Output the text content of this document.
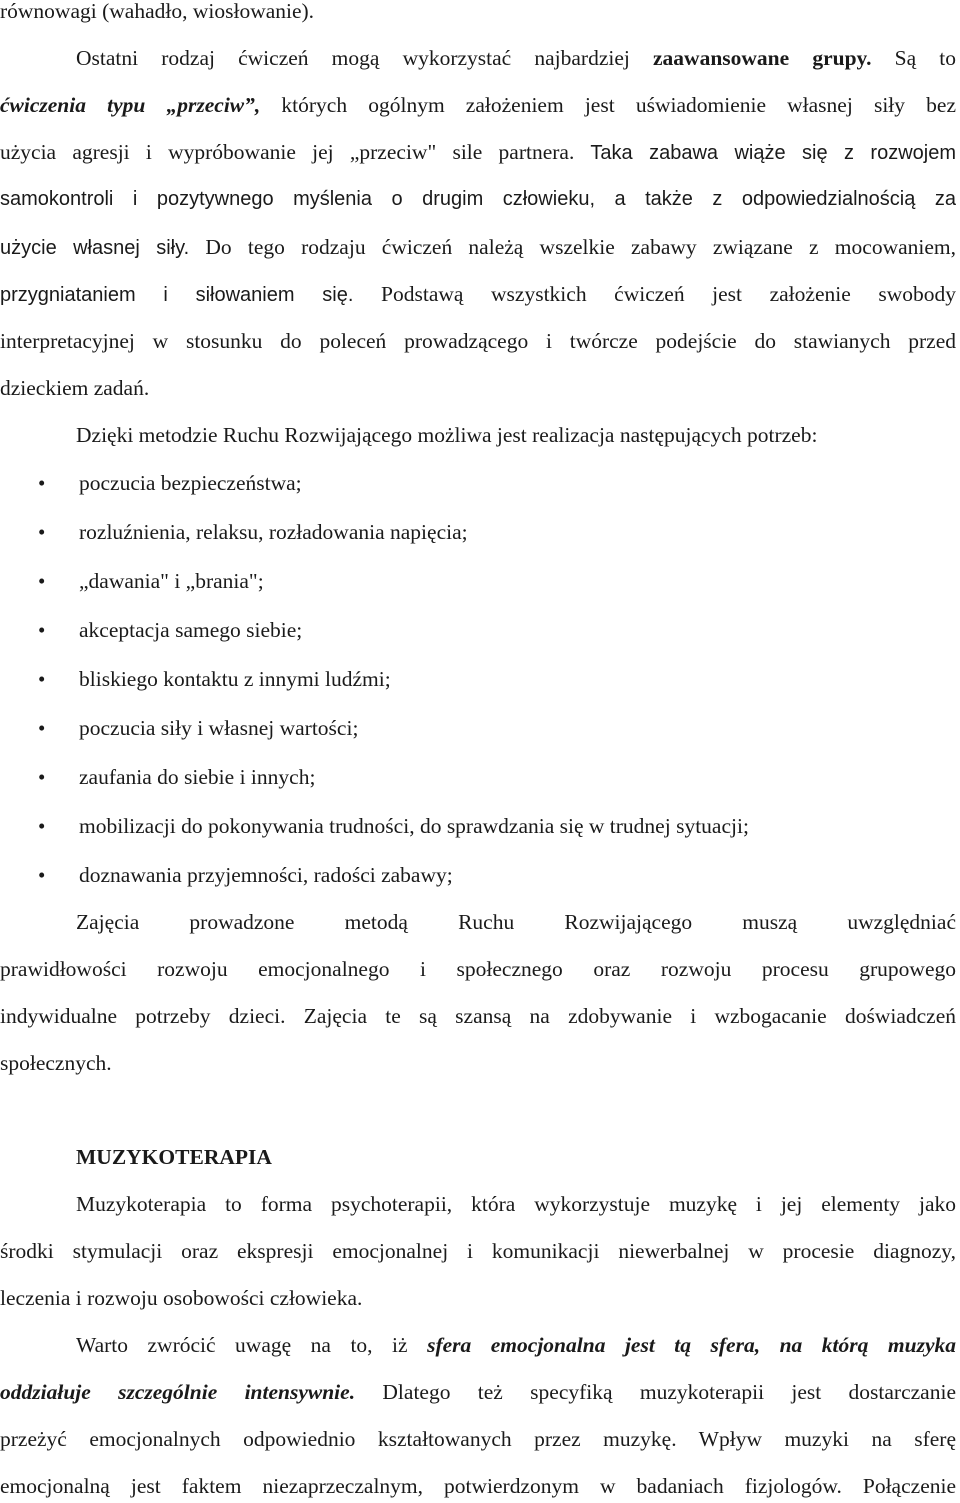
równowagi (wahadło, wiosłowanie).
Ostatni rodzaj ćwiczeń mogą wykorzystać najbardziej zaawansowane grupy. Są to
ćwiczenia typu „przeciw”, których ogólnym założeniem jest uświadomienie własnej siły bez
użycia agresji i wypróbowanie jej „przeciw" sile partnera. Taka zabawa wiąże się z rozwojem
samokontroli i pozytywnego myślenia o drugim człowieku, a także z odpowiedzialnością za
użycie własnej siły. Do tego rodzaju ćwiczeń należą wszelkie zabawy związane z mocowaniem,
przygniataniem i siłowaniem się. Podstawą wszystkich ćwiczeń jest założenie swobody
interpretacyjnej w stosunku do poleceń prowadzącego i twórcze podejście do stawianych przed
dzieckiem zadań.
Dzięki metodzie Ruchu Rozwijającego możliwa jest realizacja następujących potrzeb:
• poczucia bezpieczeństwa;
• rozluźnienia, relaksu, rozładowania napięcia;
• „dawania" i „brania";
• akceptacja samego siebie;
• bliskiego kontaktu z innymi ludźmi;
• poczucia siły i własnej wartości;
• zaufania do siebie i innych;
• mobilizacji do pokonywania trudności, do sprawdzania się w trudnej sytuacji;
• doznawania przyjemności, radości zabawy;
Zajęcia prowadzone metodą Ruchu Rozwijającego muszą uwzględniać
prawidłowości rozwoju emocjonalnego i społecznego oraz rozwoju procesu grupowego
indywidualne potrzeby dzieci. Zajęcia te są szansą na zdobywanie i wzbogacanie doświadczeń
społecznych.
MUZYKOTERAPIA
Muzykoterapia to forma psychoterapii, która wykorzystuje muzykę i jej elementy jako
środki stymulacji oraz ekspresji emocjonalnej i komunikacji niewerbalnej w procesie diagnozy,
leczenia i rozwoju osobowości człowieka.
Warto zwrócić uwagę na to, iż sfera emocjonalna jest tą sfera, na którą muzyka
oddziałuje szczególnie intensywnie. Dlatego też specyfiką muzykoterapii jest dostarczanie
przeżyć emocjonalnych odpowiednio kształtowanych przez muzykę. Wpływ muzyki na sferę
emocjonalną jest faktem niezaprzeczalnym, potwierdzonym w badaniach fizjologów. Połączenie
